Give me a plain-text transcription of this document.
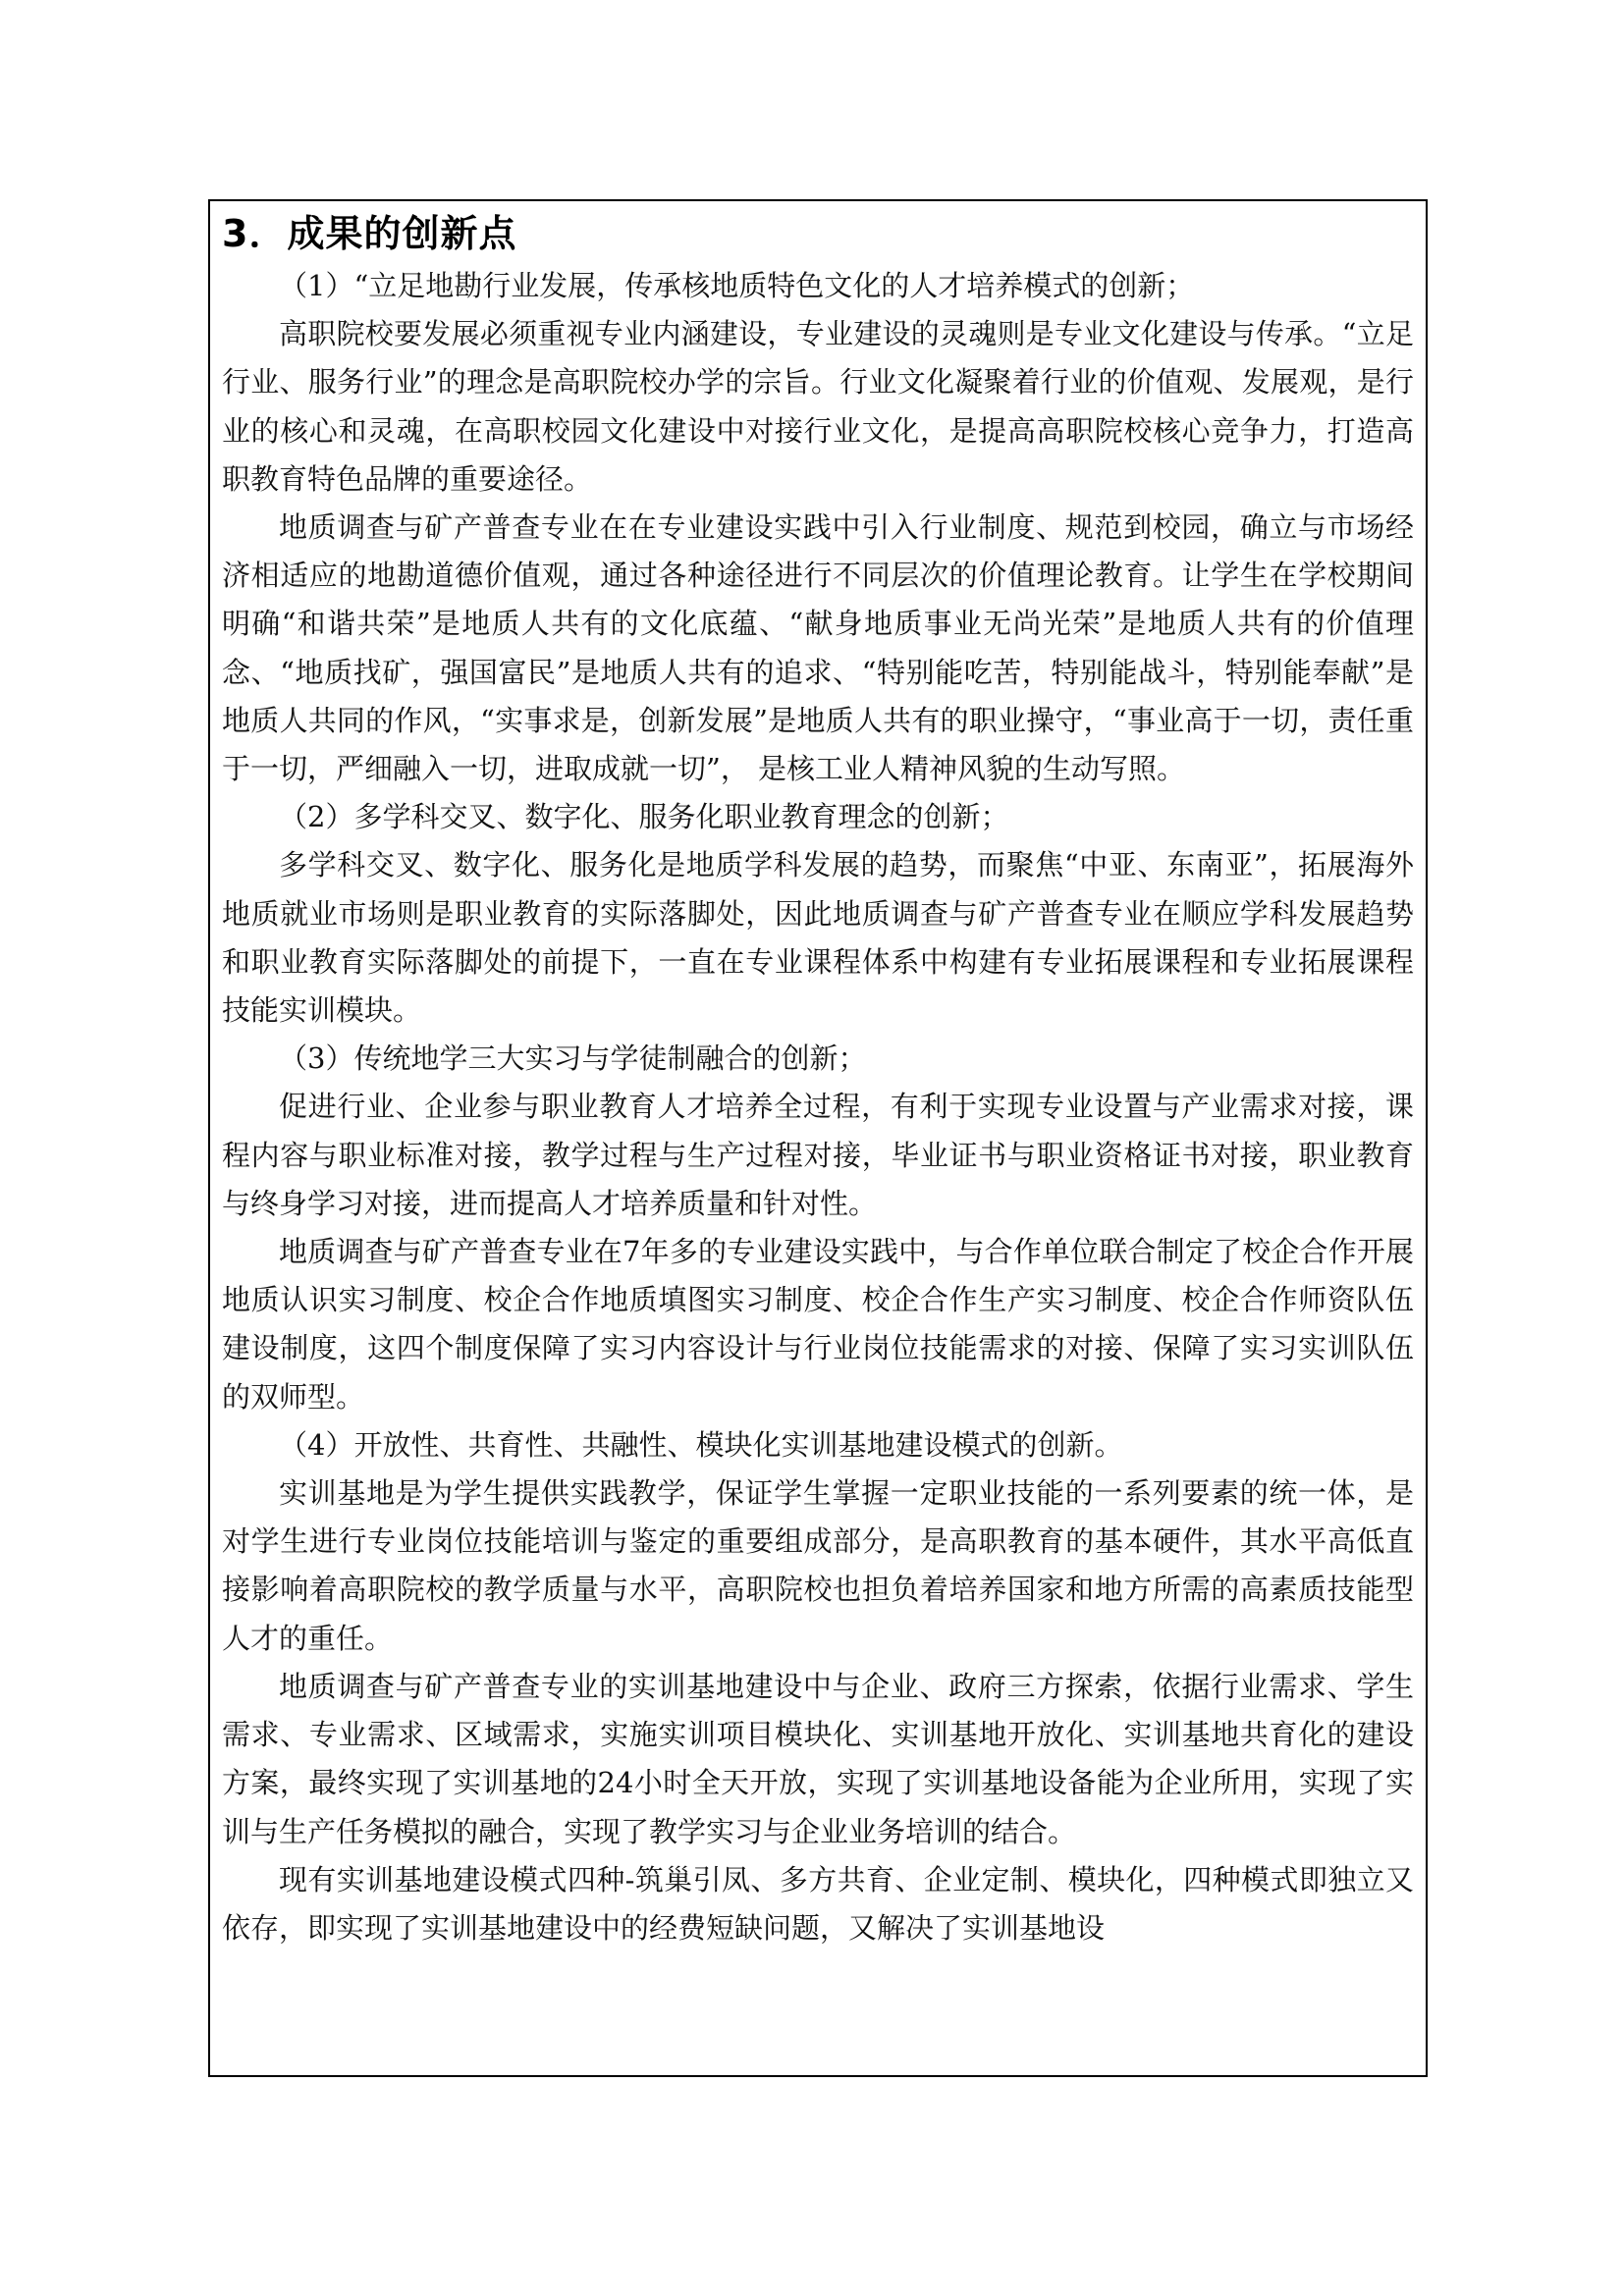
3．成果的创新点

（1）“立足地勘行业发展，传承核地质特色文化的人才培养模式的创新；

高职院校要发展必须重视专业内涵建设，专业建设的灵魂则是专业文化建设与传承。“立足行业、服务行业”的理念是高职院校办学的宗旨。行业文化凝聚着行业的价值观、发展观，是行业的核心和灵魂，在高职校园文化建设中对接行业文化，是提高高职院校核心竞争力，打造高职教育特色品牌的重要途径。

地质调查与矿产普查专业在在专业建设实践中引入行业制度、规范到校园，确立与市场经济相适应的地勘道德价值观，通过各种途径进行不同层次的价值理论教育。让学生在学校期间明确“和谐共荣”是地质人共有的文化底蕴、“献身地质事业无尚光荣”是地质人共有的价值理念、“地质找矿，强国富民”是地质人共有的追求、“特别能吃苦，特别能战斗，特别能奉献”是地质人共同的作风，“实事求是，创新发展”是地质人共有的职业操守，“事业高于一切，责任重于一切，严细融入一切，进取成就一切”， 是核工业人精神风貌的生动写照。

（2）多学科交叉、数字化、服务化职业教育理念的创新；

多学科交叉、数字化、服务化是地质学科发展的趋势，而聚焦“中亚、东南亚”，拓展海外地质就业市场则是职业教育的实际落脚处，因此地质调查与矿产普查专业在顺应学科发展趋势和职业教育实际落脚处的前提下，一直在专业课程体系中构建有专业拓展课程和专业拓展课程技能实训模块。

（3）传统地学三大实习与学徒制融合的创新；

促进行业、企业参与职业教育人才培养全过程，有利于实现专业设置与产业需求对接，课程内容与职业标准对接，教学过程与生产过程对接，毕业证书与职业资格证书对接，职业教育与终身学习对接，进而提高人才培养质量和针对性。

地质调查与矿产普查专业在7年多的专业建设实践中，与合作单位联合制定了校企合作开展地质认识实习制度、校企合作地质填图实习制度、校企合作生产实习制度、校企合作师资队伍建设制度，这四个制度保障了实习内容设计与行业岗位技能需求的对接、保障了实习实训队伍的双师型。

（4）开放性、共育性、共融性、模块化实训基地建设模式的创新。

实训基地是为学生提供实践教学，保证学生掌握一定职业技能的一系列要素的统一体，是对学生进行专业岗位技能培训与鉴定的重要组成部分，是高职教育的基本硬件，其水平高低直接影响着高职院校的教学质量与水平，高职院校也担负着培养国家和地方所需的高素质技能型人才的重任。

地质调查与矿产普查专业的实训基地建设中与企业、政府三方探索，依据行业需求、学生需求、专业需求、区域需求，实施实训项目模块化、实训基地开放化、实训基地共育化的建设方案，最终实现了实训基地的24小时全天开放，实现了实训基地设备能为企业所用，实现了实训与生产任务模拟的融合，实现了教学实习与企业业务培训的结合。

现有实训基地建设模式四种-筑巢引凤、多方共育、企业定制、模块化，四种模式即独立又依存，即实现了实训基地建设中的经费短缺问题，又解决了实训基地设
